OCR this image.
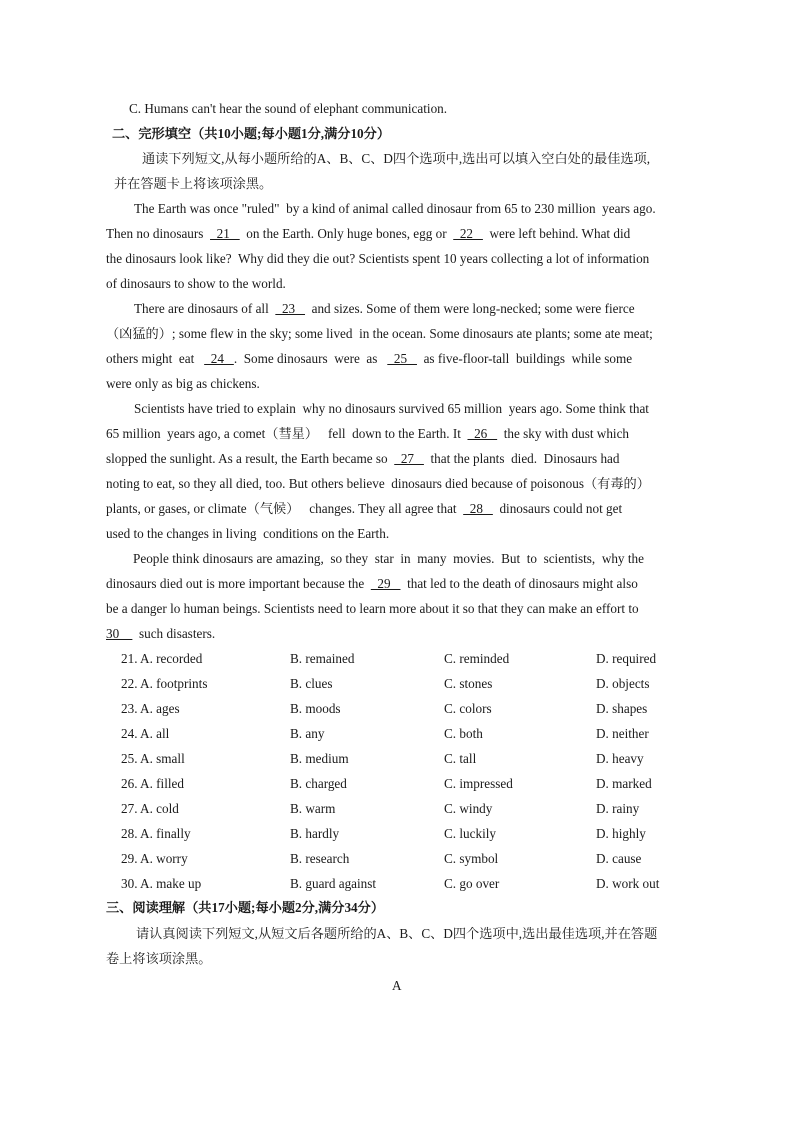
C. Humans can't hear the sound of elephant communication.
二、完形填空（共10小题;每小题1分,满分10分）
通读下列短文,从每小题所给的A、B、C、D四个选项中,选出可以填入空白处的最佳选项,
并在答题卡上将该项涂黑。
The Earth was once "ruled"  by a kind of animal called dinosaur from 65 to 230 million  years ago.
Then no dinosaurs    21     on the Earth. Only huge bones, egg or    22     were left behind. What did
the dinosaurs look like?  Why did they die out? Scientists spent 10 years collecting a lot of information
of dinosaurs to show to the world.
There are dinosaurs of all    23     and sizes. Some of them were long-necked; some were fierce
（凶猛的）; some flew in the sky; some lived  in the ocean. Some dinosaurs ate plants; some ate meat;
others might  eat     24   .  Some dinosaurs  were  as     25     as five-floor-tall  buildings  while some
were only as big as chickens.
Scientists have tried to explain  why no dinosaurs survived 65 million  years ago. Some think that
65 million  years ago, a comet（彗星）   fell  down to the Earth. It    26     the sky with dust which
slopped the sunlight. As a result, the Earth became so    27     that the plants  died.  Dinosaurs had
noting to eat, so they all died, too. But others believe  dinosaurs died because of poisonous（有毒的）
plants, or gases, or climate（气候）   changes. They all agree that    28     dinosaurs could not get
used to the changes in living  conditions on the Earth.
People think dinosaurs are amazing,  so they  star  in  many  movies.  But  to  scientists,  why the
dinosaurs died out is more important because the    29     that led to the death of dinosaurs might also
be a danger lo human beings. Scientists need to learn more about it so that they can make an effort to
30      such disasters.
21. A. recorded	B. remained	C. reminded	D. required
22. A. footprints	B. clues	C. stones	D. objects
23. A. ages	B. moods	C. colors	D. shapes
24. A. all	B. any	C. both	D. neither
25. A. small	B. medium	C. tall	D. heavy
26. A. filled	B. charged	C. impressed	D. marked
27. A. cold	B. warm	C. windy	D. rainy
28. A. finally	B. hardly	C. luckily	D. highly
29. A. worry	B. research	C. symbol	D. cause
30. A. make up	B. guard against	C. go over	D. work out
三、阅读理解（共17小题;每小题2分,满分34分）
请认真阅读下列短文,从短文后各题所给的A、B、C、D四个选项中,选出最佳选项,并在答题
卷上将该项涂黑。
A
